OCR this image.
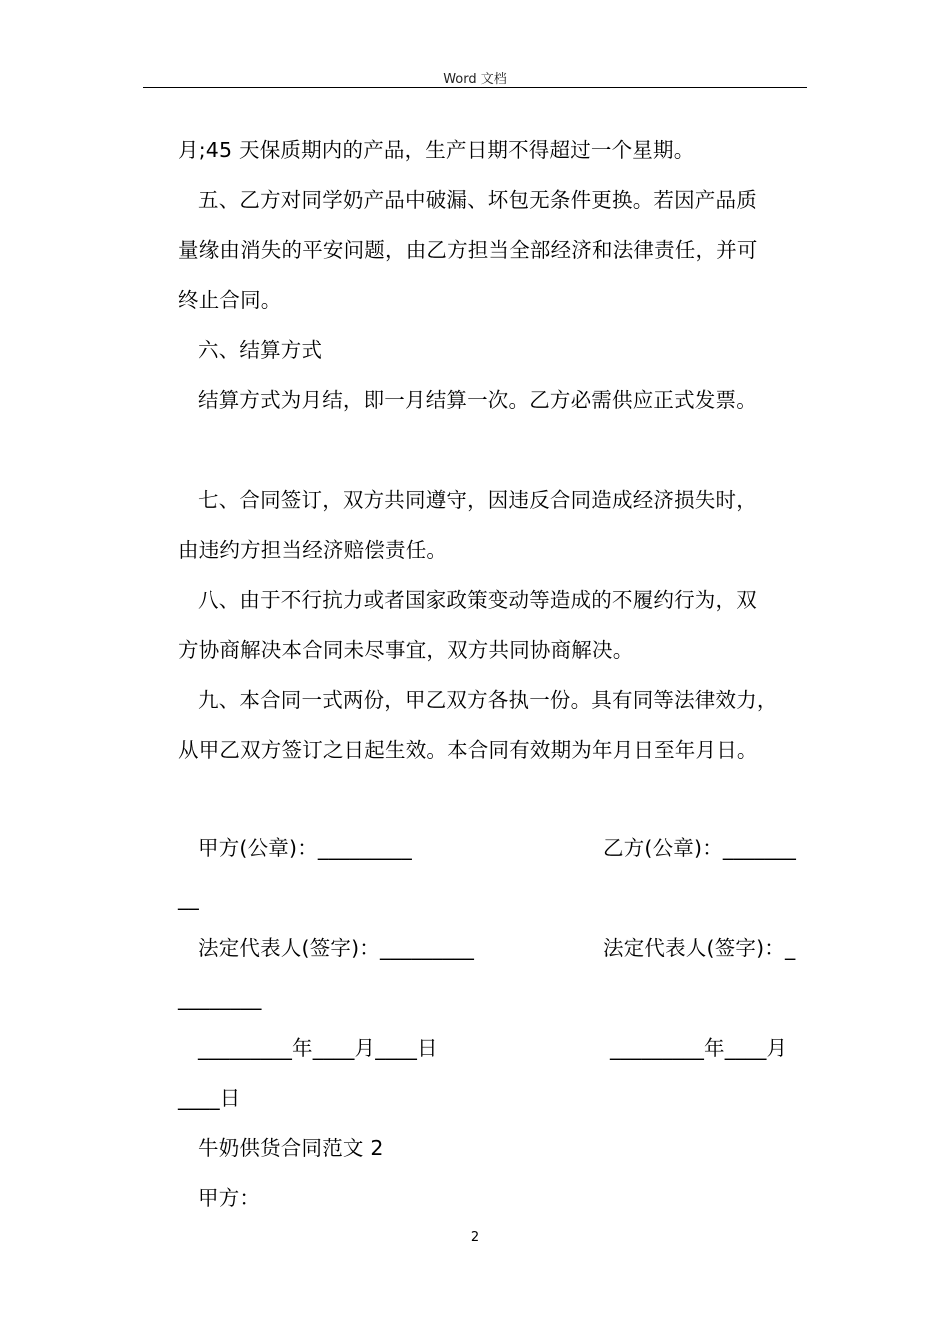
Word 文档
月;45 天保质期内的产品，生产日期不得超过一个星期。
五、乙方对同学奶产品中破漏、坏包无条件更换。若因产品质
量缘由消失的平安问题，由乙方担当全部经济和法律责任，并可
终止合同。
六、结算方式
结算方式为月结，即一月结算一次。乙方必需供应正式发票。
七、合同签订，双方共同遵守，因违反合同造成经济损失时，
由违约方担当经济赔偿责任。
八、由于不行抗力或者国家政策变动等造成的不履约行为，双
方协商解决本合同未尽事宜，双方共同协商解决。
九、本合同一式两份，甲乙双方各执一份。具有同等法律效力，
从甲乙双方签订之日起生效。本合同有效期为年月日至年月日。
甲方(公章)：_________	乙方(公章)：_______
__
法定代表人(签字)：_________	法定代表人(签字)：_
________
_________年____月____日	_________年____月
____日
牛奶供货合同范文 2
甲方：
2
